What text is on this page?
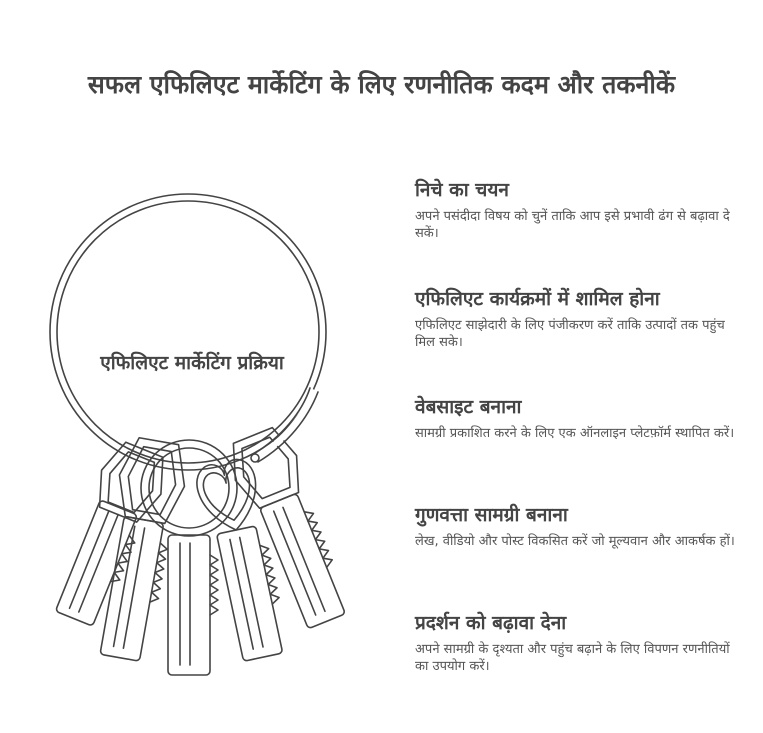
सफल एफिलिएट मार्केटिंग के लिए रणनीतिक कदम और तकनीकें
एफिलिएट मार्केटिंग प्रक्रिया
निचे का चयन

अपने पसंदीदा विषय को चुनें ताकि आप इसे प्रभावी ढंग से बढ़ावा दे सकें।

एफिलिएट कार्यक्रमों में शामिल होना

एफिलिएट साझेदारी के लिए पंजीकरण करें ताकि उत्पादों तक पहुंच मिल सके।

वेबसाइट बनाना

सामग्री प्रकाशित करने के लिए एक ऑनलाइन प्लेटफ़ॉर्म स्थापित करें।

गुणवत्ता सामग्री बनाना

लेख, वीडियो और पोस्ट विकसित करें जो मूल्यवान और आकर्षक हों।

प्रदर्शन को बढ़ावा देना

अपने सामग्री के दृश्यता और पहुंच बढ़ाने के लिए विपणन रणनीतियों का उपयोग करें।
